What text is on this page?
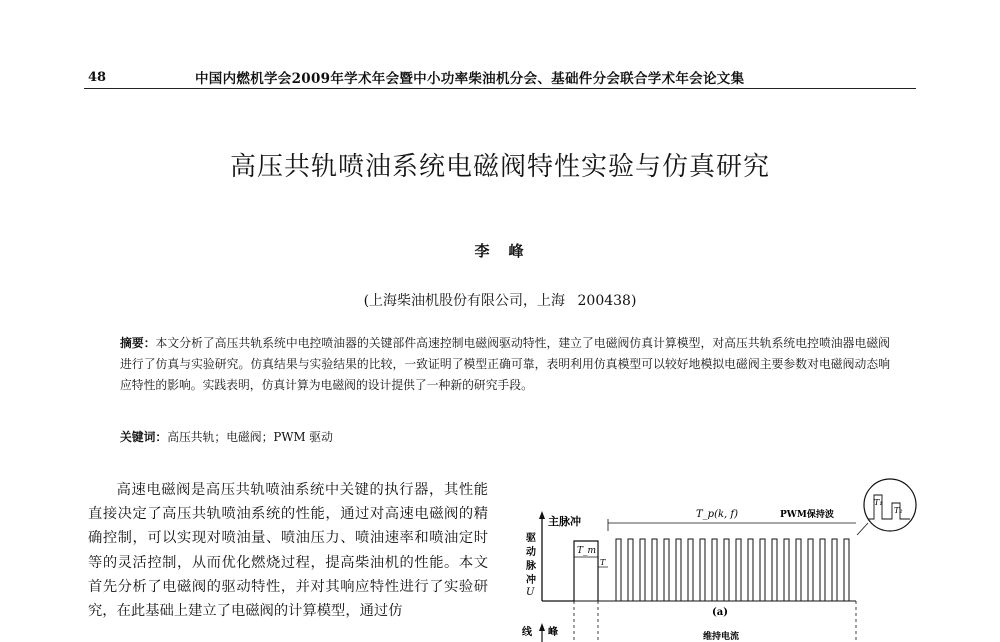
48	中国内燃机学会2009年学术年会暨中小功率柴油机分会、基础件分会联合学术年会论文集
高压共轨喷油系统电磁阀特性实验与仿真研究
李　峰
(上海柴油机股份有限公司，上海 200438)
摘要：本文分析了高压共轨系统中电控喷油器的关键部件高速控制电磁阀驱动特性，建立了电磁阀仿真计算模型，对高压共轨系统电控喷油器电磁阀进行了仿真与实验研究。仿真结果与实验结果的比较，一致证明了模型正确可靠，表明利用仿真模型可以较好地模拟电磁阀主要参数对电磁阀动态响应特性的影响。实践表明，仿真计算为电磁阀的设计提供了一种新的研究手段。
关键词：高压共轨；电磁阀；PWM 驱动
高速电磁阀是高压共轨喷油系统中关键的执行器，其性能直接决定了高压共轨喷油系统的性能，通过对高速电磁阀的精确控制，可以实现对喷油量、喷油压力、喷油速率和喷油定时等的灵活控制，从而优化燃烧过程，提高柴油机的性能。本文首先分析了电磁阀的驱动特性，并对其响应特性进行了实验研究，在此基础上建立了电磁阀的计算模型，通过仿
主脉冲
驱
动
脉
冲
U
T_m
T
T_p(k, f)	PWM保持波
T₁
T₂
(a)
线 峰	维持电流
